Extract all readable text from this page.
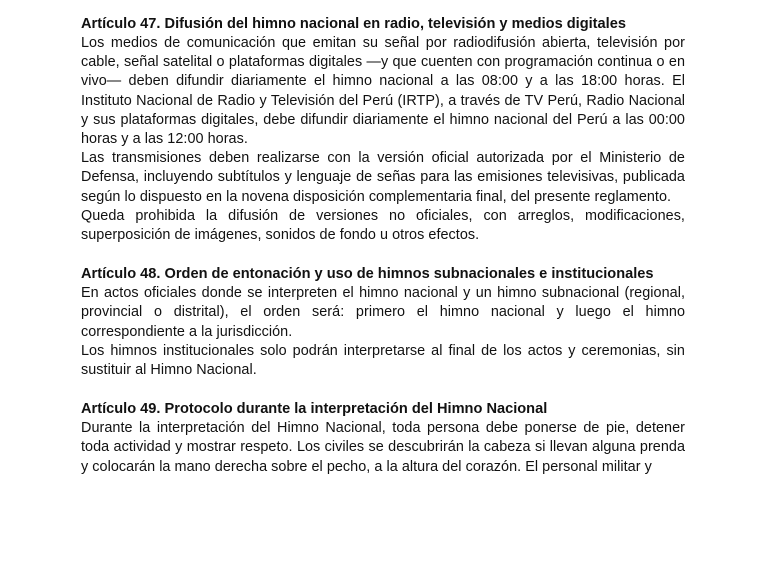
Artículo 47. Difusión del himno nacional en radio, televisión y medios digitales

Los medios de comunicación que emitan su señal por radiodifusión abierta, televisión por cable, señal satelital o plataformas digitales —y que cuenten con programación continua o en vivo— deben difundir diariamente el himno nacional a las 08:00 y a las 18:00 horas. El Instituto Nacional de Radio y Televisión del Perú (IRTP), a través de TV Perú, Radio Nacional y sus plataformas digitales, debe difundir diariamente el himno nacional del Perú a las 00:00 horas y a las 12:00 horas.

Las transmisiones deben realizarse con la versión oficial autorizada por el Ministerio de Defensa, incluyendo subtítulos y lenguaje de señas para las emisiones televisivas, publicada según lo dispuesto en la novena disposición complementaria final, del presente reglamento.

Queda prohibida la difusión de versiones no oficiales, con arreglos, modificaciones, superposición de imágenes, sonidos de fondo u otros efectos.

Artículo 48. Orden de entonación y uso de himnos subnacionales e institucionales

En actos oficiales donde se interpreten el himno nacional y un himno subnacional (regional, provincial o distrital), el orden será: primero el himno nacional y luego el himno correspondiente a la jurisdicción.

Los himnos institucionales solo podrán interpretarse al final de los actos y ceremonias, sin sustituir al Himno Nacional.

Artículo 49. Protocolo durante la interpretación del Himno Nacional

Durante la interpretación del Himno Nacional, toda persona debe ponerse de pie, detener toda actividad y mostrar respeto. Los civiles se descubrirán la cabeza si llevan alguna prenda y colocarán la mano derecha sobre el pecho, a la altura del corazón. El personal militar y
